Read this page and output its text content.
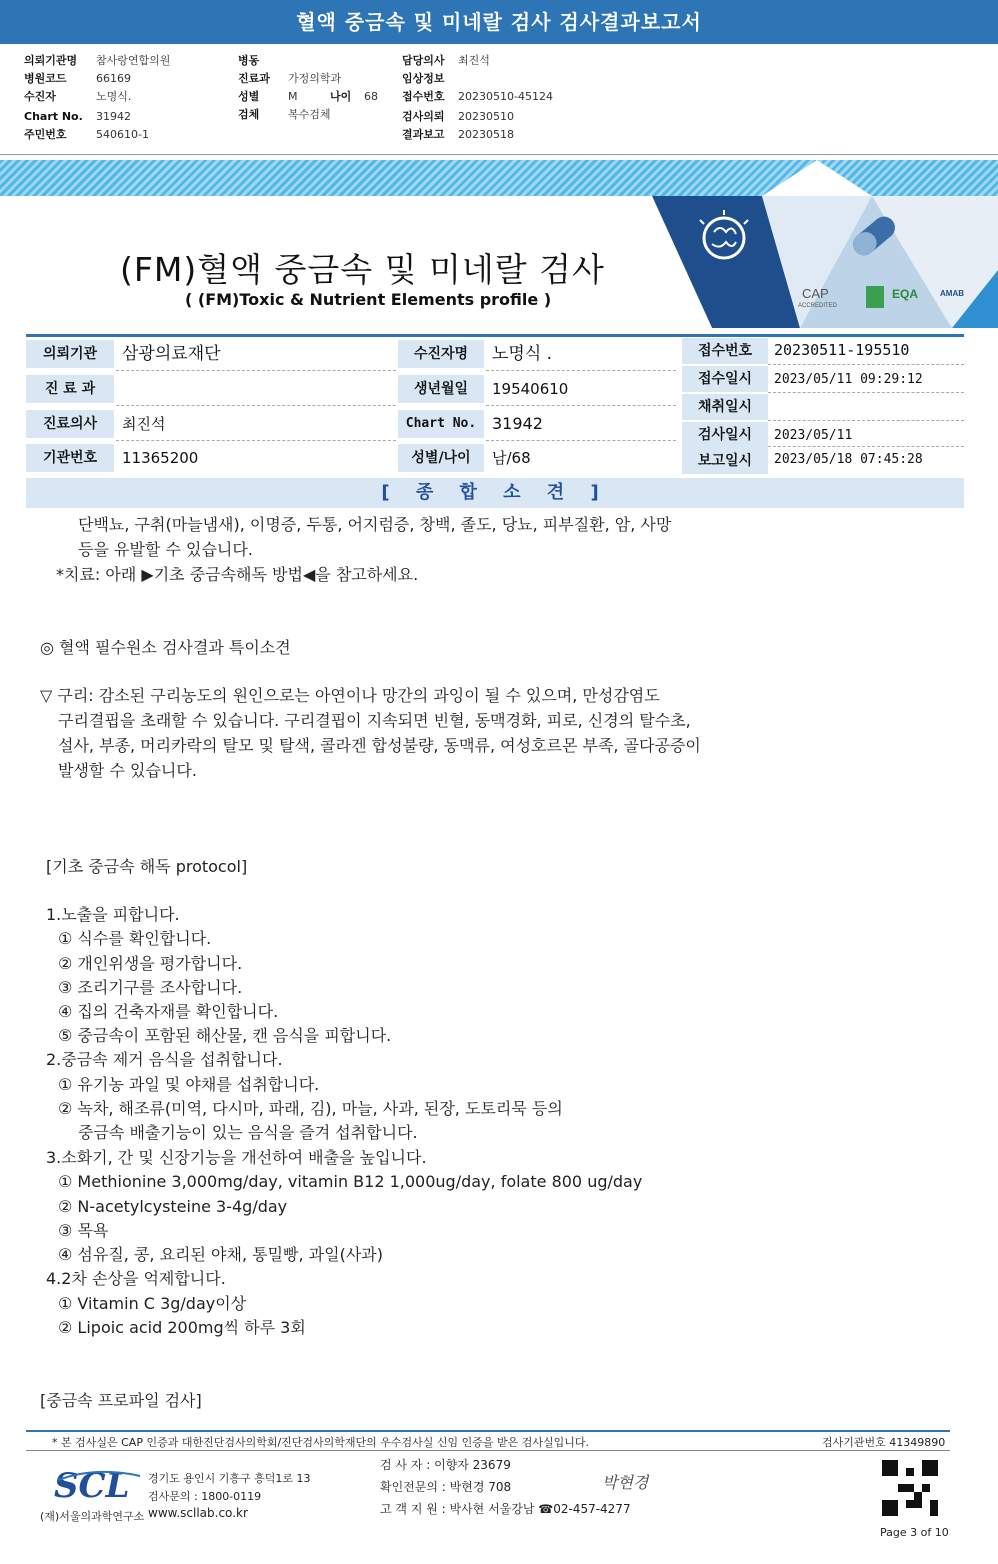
혈액 중금속 및 미네랄 검사 검사결과보고서
의뢰기관명 참사랑연합의원
병원코드	66169
수진자	노명식.
Chart No. 31942
주민번호	540610-1
병동
진료과 가정의학과
성별	M	나이 68
검체	복수검체
담당의사 최진석
임상정보
접수번호 20230510-45124
검사의뢰 20230510
결과보고 20230518
(FM)혈액 중금속 및 미네랄 검사
( (FM)Toxic & Nutrient Elements profile )	CAP
ACCREDITED
EQA	AMAB
의뢰기관	삼광의료재단
진 료 과
진료의사	최진석
기관번호	11365200
수진자명	노명식 .
생년월일	19540610
Chart No. 31942
성별/나이	남/68
접수번호	20230511-195510
접수일시	2023/05/11 09:29:12
채취일시
검사일시	2023/05/11
보고일시	2023/05/18 07:45:28
[ 종 합 소 견 ]
단백뇨, 구취(마늘냄새), 이명증, 두통, 어지럼증, 창백, 졸도, 당뇨, 피부질환, 암, 사망
등을 유발할 수 있습니다.
*치료: 아래 ▶기초 중금속해독 방법◀을 참고하세요.
◎ 혈액 필수원소 검사결과 특이소견
▽ 구리: 감소된 구리농도의 원인으로는 아연이나 망간의 과잉이 될 수 있으며, 만성감염도
구리결핍을 초래할 수 있습니다. 구리결핍이 지속되면 빈혈, 동맥경화, 피로, 신경의 탈수초,
설사, 부종, 머리카락의 탈모 및 탈색, 콜라겐 합성불량, 동맥류, 여성호르몬 부족, 골다공증이
발생할 수 있습니다.
[기초 중금속 해독 protocol]
1.노출을 피합니다.
① 식수를 확인합니다.
② 개인위생을 평가합니다.
③ 조리기구를 조사합니다.
④ 집의 건축자재를 확인합니다.
⑤ 중금속이 포함된 해산물, 캔 음식을 피합니다.
2.중금속 제거 음식을 섭취합니다.
① 유기농 과일 및 야채를 섭취합니다.
② 녹차, 해조류(미역, 다시마, 파래, 김), 마늘, 사과, 된장, 도토리묵 등의
중금속 배출기능이 있는 음식을 즐겨 섭취합니다.
3.소화기, 간 및 신장기능을 개선하여 배출을 높입니다.
① Methionine 3,000mg/day, vitamin B12 1,000ug/day, folate 800 ug/day
② N-acetylcysteine 3-4g/day
③ 목욕
④ 섬유질, 콩, 요리된 야채, 통밀빵, 과일(사과)
4.2차 손상을 억제합니다.
① Vitamin C 3g/day이상
② Lipoic acid 200mg씩 하루 3회
[중금속 프로파일 검사]
* 본 검사실은 CAP 인증과 대한진단검사의학회/진단검사의학재단의 우수검사실 신임 인증을 받은 검사실입니다.	검사기관번호 41349890
SCL
(재)서울의과학연구소
경기도 용인시 기흥구 흥덕1로 13
검사문의 : 1800-0119
www.scllab.co.kr
검 사 자 : 이향자 23679
확인전문의 : 박현경 708
고 객 지 원 : 박사현 서울강남 ☎02-457-4277
박현경
Page 3 of 10
